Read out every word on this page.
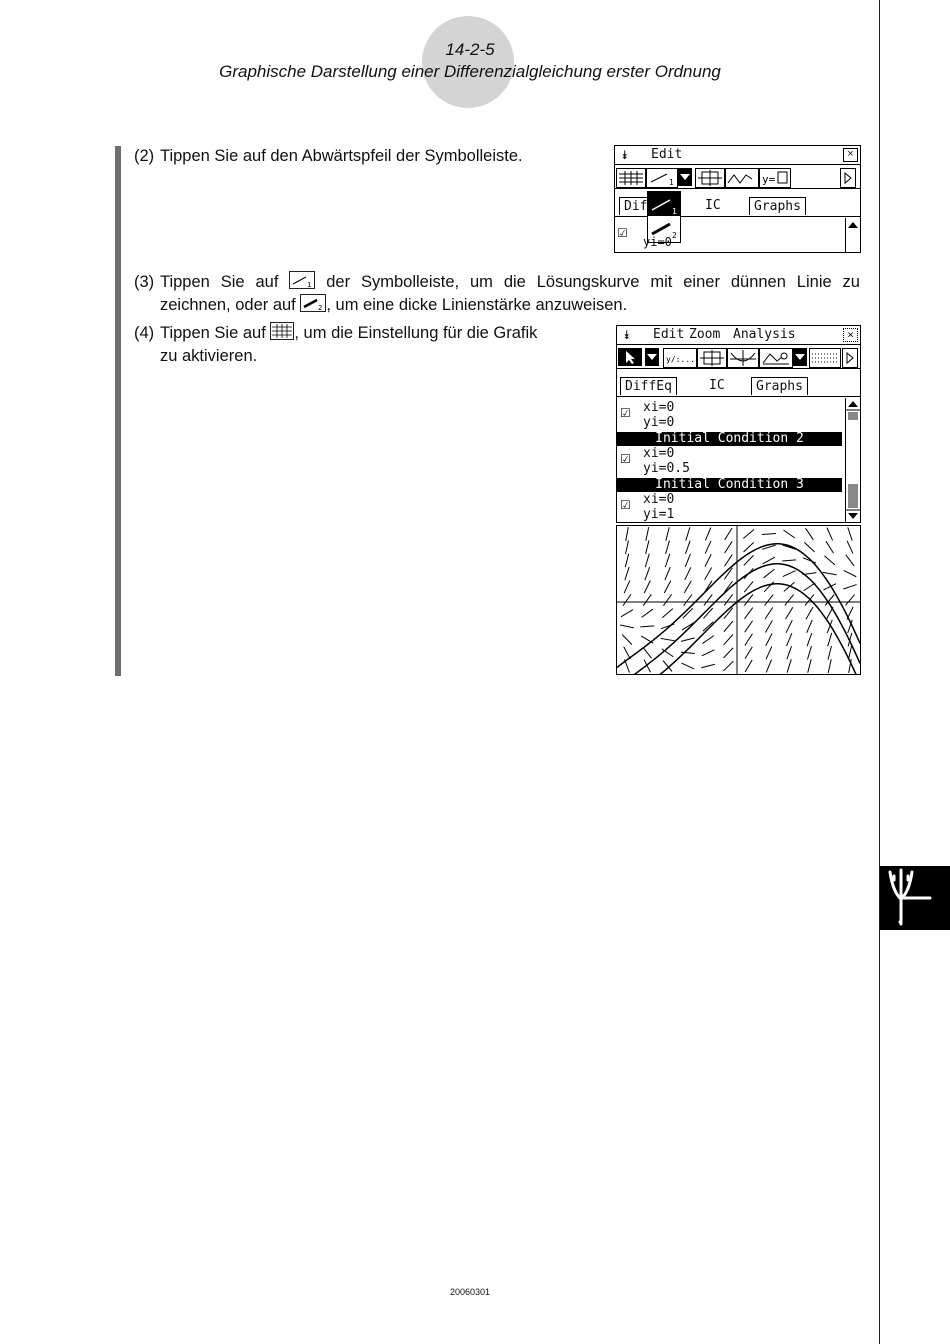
14-2-5
Graphische Darstellung einer Differenzialgleichung erster Ordnung
(2) Tippen Sie auf den Abwärtspfeil der Symbolleiste.	⯯ Edit	×
1	y=
Dif	IC	Graphs
1
2
☑
yi=0
(3) Tippen Sie auf	1 der Symbolleiste, um die Lösungskurve mit einer dünnen Linie zu
zeichnen, oder auf	2 , um eine dicke Linienstärke anzuweisen.
(4) Tippen Sie auf , um die Einstellung für die Grafik
zu aktivieren.
⯯ Edit Zoom Analysis	×
y/:...
DiffEq	IC	Graphs
☑ xi=0
yi=0
Initial Condition 2
☑ xi=0
yi=0.5
Initial Condition 3
☑ xi=0
yi=1
20060301
